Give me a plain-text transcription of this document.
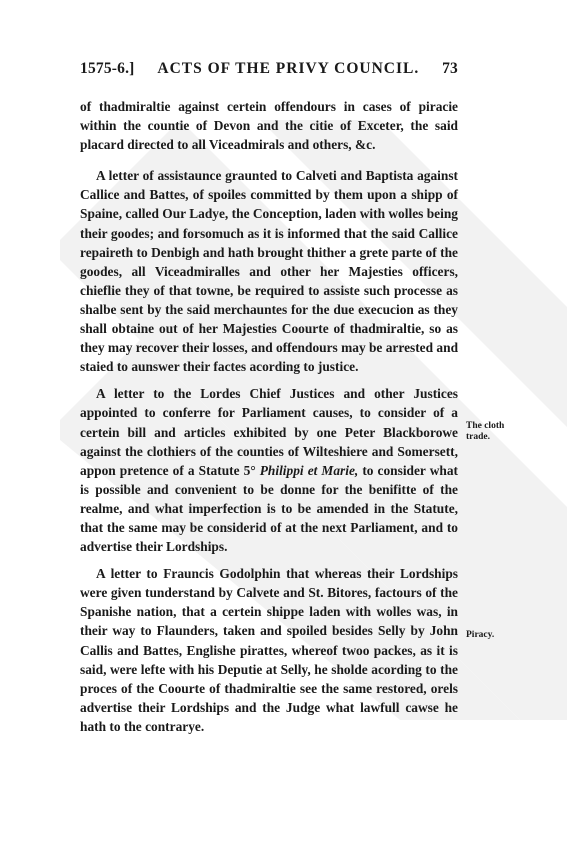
1575-6.] ACTS OF THE PRIVY COUNCIL. 73

of thadmiraltie against certein offendours in cases of piracie within the countie of Devon and the citie of Exceter, the said placard directed to all Viceadmirals and others, &c.

A letter of assistaunce graunted to Calveti and Baptista against Callice and Battes, of spoiles committed by them upon a shipp of Spaine, called Our Ladye, the Conception, laden with wolles being their goodes; and forsomuch as it is informed that the said Callice repaireth to Denbigh and hath brought thither a grete parte of the goodes, all Viceadmiralles and other her Majesties officers, chieflie they of that towne, be required to assiste such processe as shalbe sent by the said merchauntes for the due execucion as they shall obtaine out of her Majesties Coourte of thadmiraltie, so as they may recover their losses, and offendours may be arrested and staied to aunswer their factes acording to justice.

A letter to the Lordes Chief Justices and other Justices appointed to conferre for Parliament causes, to consider of a certein bill and articles exhibited by one Peter Blackborowe against the clothiers of the counties of Wilteshiere and Somersett, appon pretence of a Statute 5° Philippi et Marie, to consider what is possible and convenient to be donne for the benifitte of the realme, and what imperfection is to be amended in the Statute, that the same may be considerid of at the next Parliament, and to advertise their Lordships.

A letter to Frauncis Godolphin that whereas their Lordships were given tunderstand by Calvete and St. Bitores, factours of the Spanishe nation, that a certein shippe laden with wolles was, in their way to Flaunders, taken and spoiled besides Selly by John Callis and Battes, Englishe pirattes, whereof twoo packes, as it is said, were lefte with his Deputie at Selly, he sholde acording to the proces of the Coourte of thadmiraltie see the same restored, orels advertise their Lordships and the Judge what lawfull cawse he hath to the contrarye.

The cloth trade.
Piracy.
